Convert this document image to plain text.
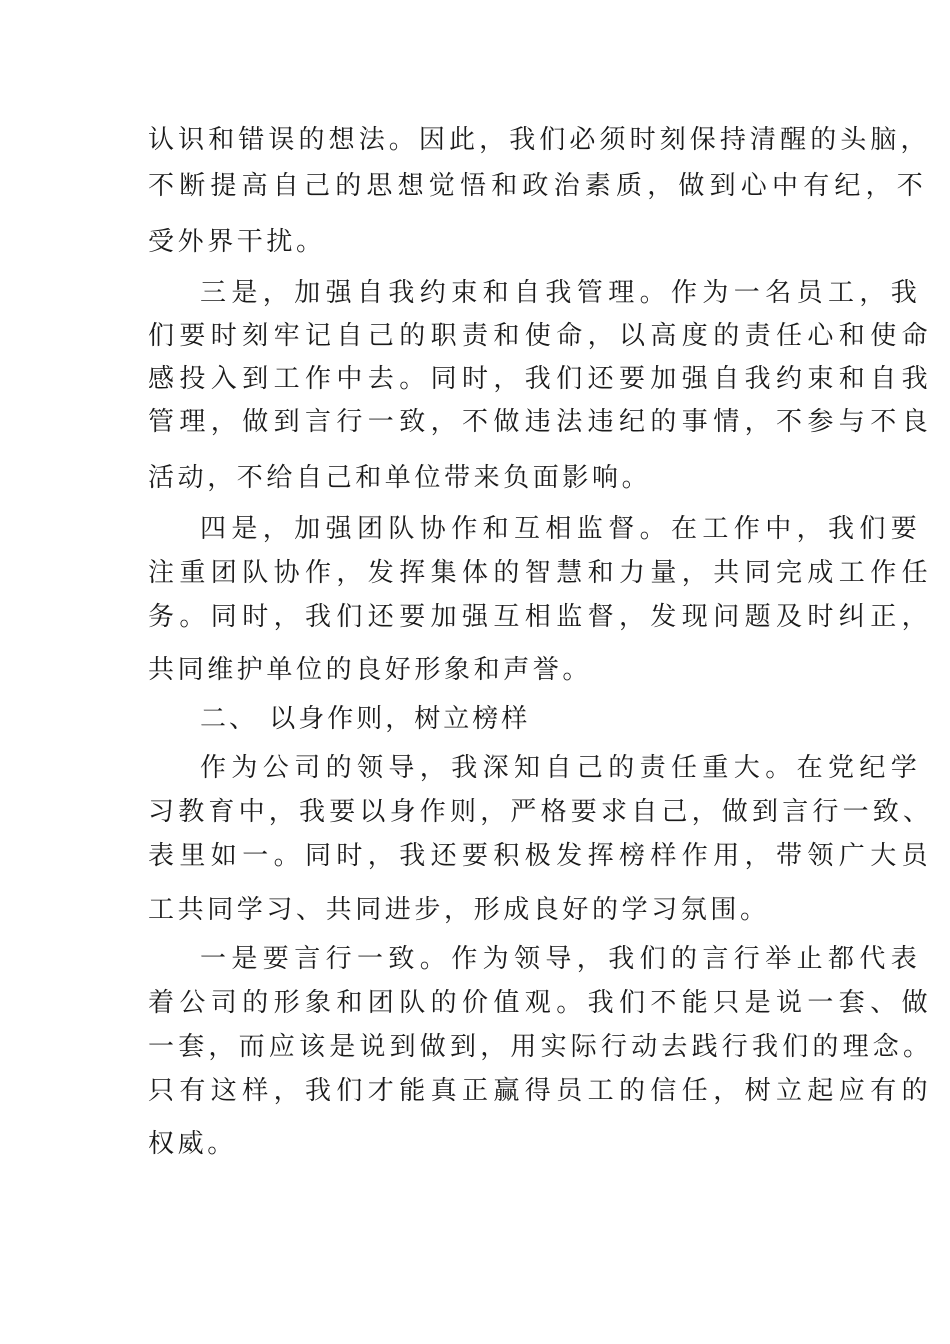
认识和错误的想法。因此，我们必须时刻保持清醒的头脑，

不断提高自己的思想觉悟和政治素质，做到心中有纪，不

受外界干扰。

三是，加强自我约束和自我管理。作为一名员工，我

们要时刻牢记自己的职责和使命，以高度的责任心和使命

感投入到工作中去。同时，我们还要加强自我约束和自我

管理，做到言行一致，不做违法违纪的事情，不参与不良

活动，不给自己和单位带来负面影响。

四是，加强团队协作和互相监督。在工作中，我们要

注重团队协作，发挥集体的智慧和力量，共同完成工作任

务。同时，我们还要加强互相监督，发现问题及时纠正，

共同维护单位的良好形象和声誉。

二、 以身作则，树立榜样

作为公司的领导，我深知自己的责任重大。在党纪学

习教育中，我要以身作则，严格要求自己，做到言行一致、

表里如一。同时，我还要积极发挥榜样作用，带领广大员

工共同学习、共同进步，形成良好的学习氛围。

一是要言行一致。作为领导，我们的言行举止都代表

着公司的形象和团队的价值观。我们不能只是说一套、做

一套，而应该是说到做到，用实际行动去践行我们的理念。

只有这样，我们才能真正赢得员工的信任，树立起应有的

权威。
